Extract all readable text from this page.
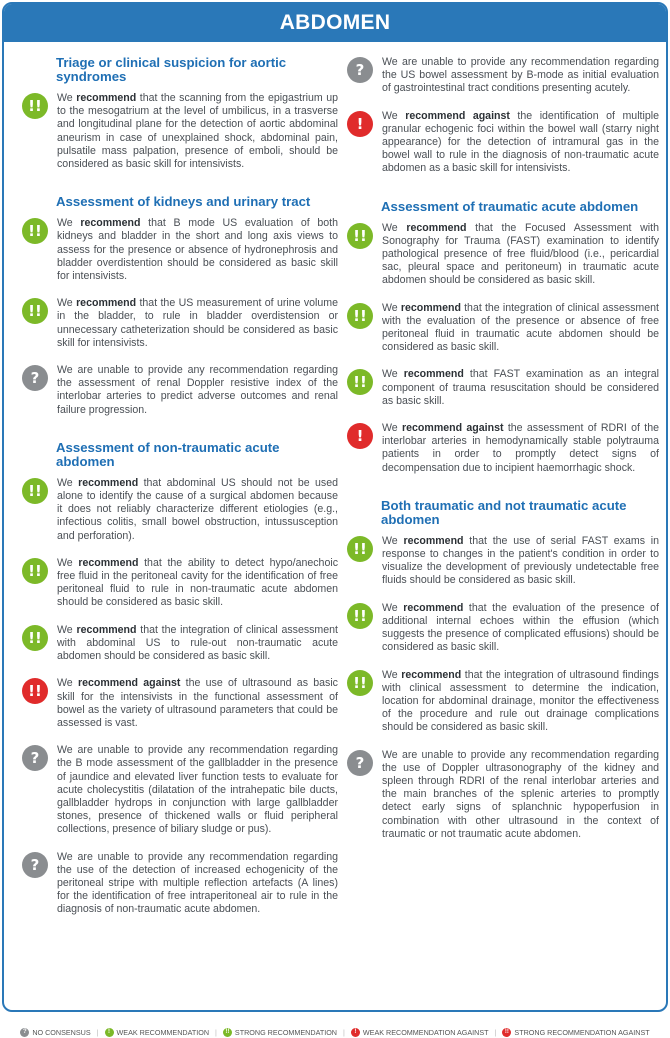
ABDOMEN
Triage or clinical suspicion for aortic syndromes
!!	We recommend that the scanning from the epigastrium up to the mesogatrium at the level of umbilicus, in a trasverse and longitudinal plane for the detection of aortic abdominal aneurism in case of unexplained shock, abdominal pain, pulsatile mass palpation, presence of emboli, should be considered as basic skill for intensivists.
Assessment of kidneys and urinary tract
!!	We recommend that B mode US evaluation of both kidneys and bladder in the short and long axis views to assess for the presence or absence of hydronephrosis and bladder overdistention should be considered as basic skill for intensivists.
!!	We recommend that the US measurement of urine volume in the bladder, to rule in bladder overdistension or unnecessary catheterization should be considered as basic skill for intensivists.
?	We are unable to provide any recommendation regarding the assessment of renal Doppler resistive index of the interlobar arteries to predict adverse outcomes and renal failure progression.
Assessment of non-traumatic acute abdomen
!!	We recommend that abdominal US should not be used alone to identify the cause of a surgical abdomen because it does not reliably characterize different etiologies (e.g., infectious colitis, small bowel obstruction, intussusception and perforation).
!!	We recommend that the ability to detect hypo/anechoic free fluid in the peritoneal cavity for the identification of free peritoneal fluid to rule in non-traumatic acute abdomen should be considered as basic skill.
!!	We recommend that the integration of clinical assessment with abdominal US to rule-out non-traumatic acute abdomen should be considered as basic skill.
!!	We recommend against the use of ultrasound as basic skill for the intensivists in the functional assessment of bowel as the variety of ultrasound parameters that could be assessed is vast.
?	We are unable to provide any recommendation regarding the B mode assessment of the gallbladder in the presence of jaundice and elevated liver function tests to evaluate for acute cholecystitis (dilatation of the intrahepatic bile ducts, gallbladder hydrops in conjunction with large gallbladder stones, presence of thickened walls or fluid peripheral collections, presence of biliary sludge or pus).
?	We are unable to provide any recommendation regarding the use of the detection of increased echogenicity of the peritoneal stripe with multiple reflection artefacts (A lines) for the identification of free intraperitoneal air to rule in the diagnosis of non-traumatic acute abdomen.
?	We are unable to provide any recommendation regarding the US bowel assessment by B-mode as initial evaluation of gastrointestinal tract conditions presenting acutely.
!	We recommend against the identification of multiple granular echogenic foci within the bowel wall (starry night appearance) for the detection of intramural gas in the bowel wall to rule in the diagnosis of non-traumatic acute abdomen as a basic skill for intensivists.
Assessment of traumatic acute abdomen
!!	We recommend that the Focused Assessment with Sonography for Trauma (FAST) examination to identify pathological presence of free fluid/blood (i.e., pericardial sac, pleural space and peritoneum) in traumatic acute abdomen should be considered as basic skill.
!!	We recommend that the integration of clinical assessment with the evaluation of the presence or absence of free peritoneal fluid in traumatic acute abdomen should be considered as basic skill.
!!	We recommend that FAST examination as an integral component of trauma resuscitation should be considered as basic skill.
!	We recommend against the assessment of RDRI of the interlobar arteries in hemodynamically stable polytrauma patients in order to promptly detect signs of decompensation due to incipient haemorrhagic shock.
Both traumatic and not traumatic acute abdomen
!!	We recommend that the use of serial FAST exams in response to changes in the patient's condition in order to visualize the development of previously undetectable free fluids should be considered as basic skill.
!!	We recommend that the evaluation of the presence of additional internal echoes within the effusion (which suggests the presence of complicated effusions) should be considered as basic skill.
!!	We recommend that the integration of ultrasound findings with clinical assessment to determine the indication, location for abdominal drainage, monitor the effectiveness of the procedure and rule out drainage complications should be considered as basic skill.
?	We are unable to provide any recommendation regarding the use of Doppler ultrasonography of the kidney and spleen through RDRI of the renal interlobar arteries and the main branches of the splenic arteries to promptly detect early signs of splanchnic hypoperfusion in combination with other ultrasound in the context of traumatic or not traumatic acute abdomen.
? NO CONSENSUS |	! WEAK RECOMMENDATION |	!! STRONG RECOMMENDATION |	! WEAK RECOMMENDATION AGAINST |	!! STRONG RECOMMENDATION AGAINST
